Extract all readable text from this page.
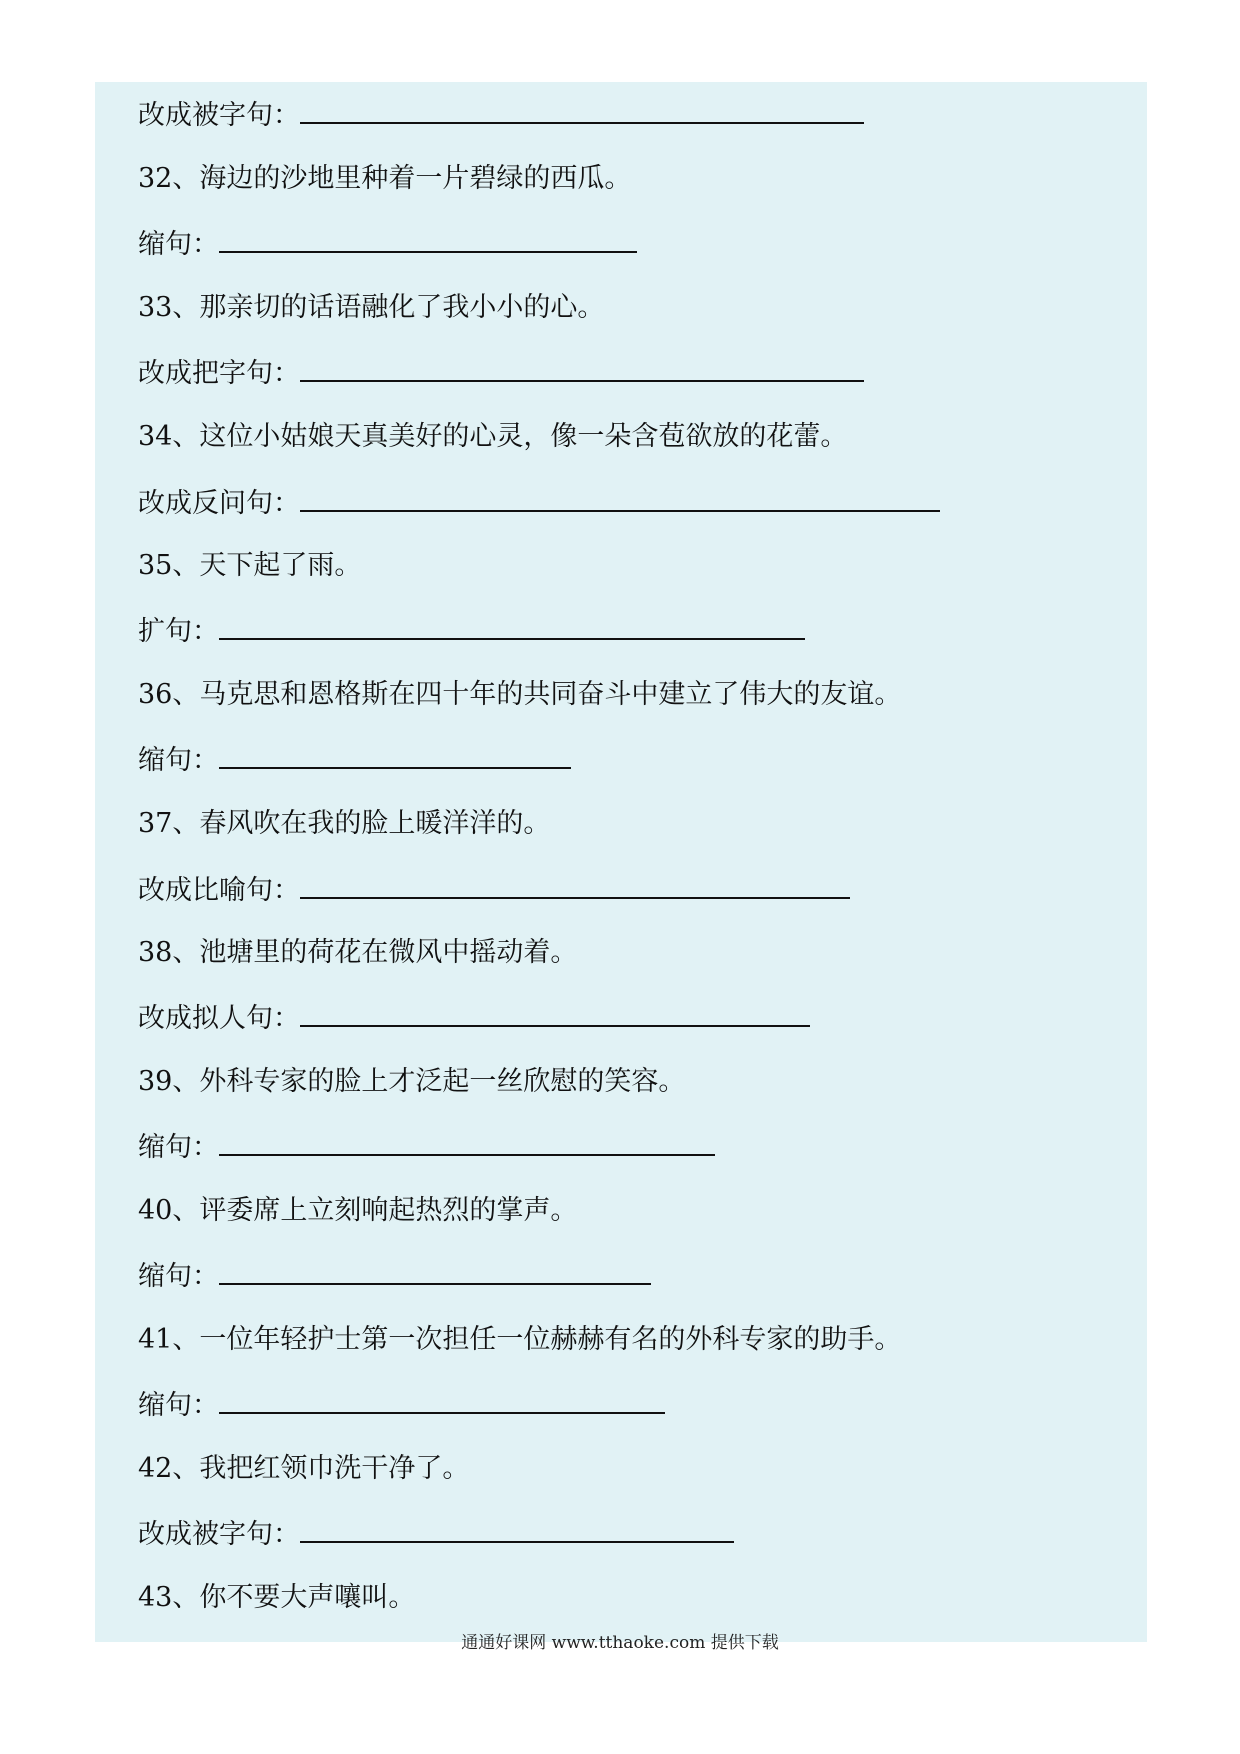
改成被字句：
32、海边的沙地里种着一片碧绿的西瓜。
缩句：
33、那亲切的话语融化了我小小的心。
改成把字句：
34、这位小姑娘天真美好的心灵，像一朵含苞欲放的花蕾。
改成反问句：
35、天下起了雨。
扩句：
36、马克思和恩格斯在四十年的共同奋斗中建立了伟大的友谊。
缩句：
37、春风吹在我的脸上暖洋洋的。
改成比喻句：
38、池塘里的荷花在微风中摇动着。
改成拟人句：
39、外科专家的脸上才泛起一丝欣慰的笑容。
缩句：
40、评委席上立刻响起热烈的掌声。
缩句：
41、一位年轻护士第一次担任一位赫赫有名的外科专家的助手。
缩句：
42、我把红领巾洗干净了。
改成被字句：
43、你不要大声嚷叫。
通通好课网 www.tthaoke.com 提供下载
